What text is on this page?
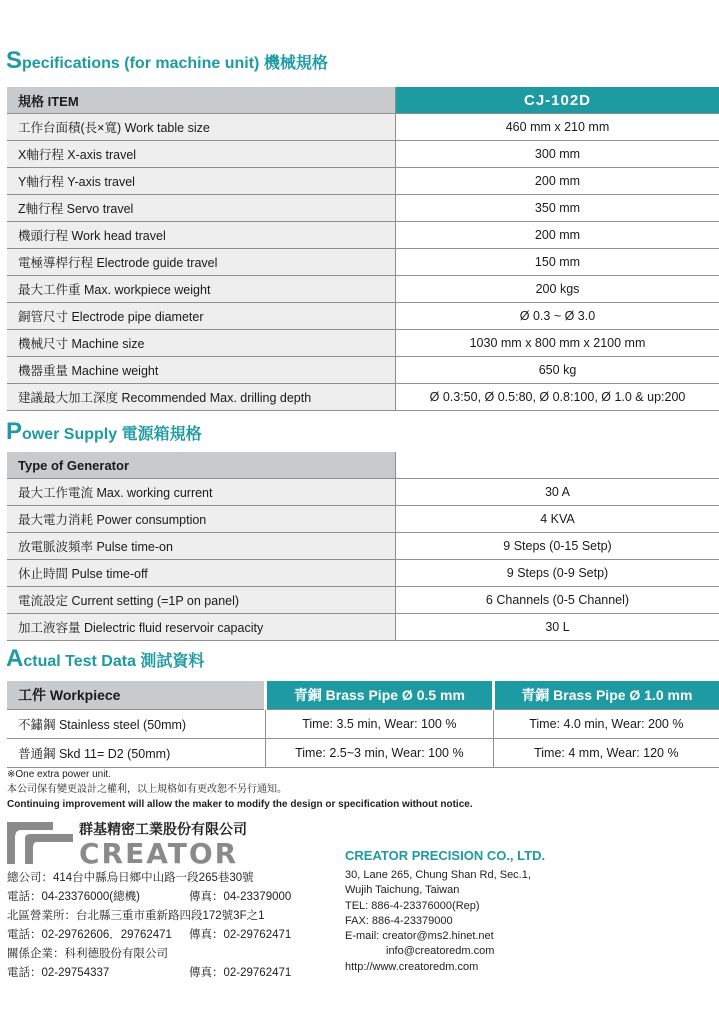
Specifications (for machine unit) 機械規格
規格 ITEM	CJ-102D
工作台面積(長×寬) Work table size	460 mm x 210 mm
X軸行程 X-axis travel	300 mm
Y軸行程 Y-axis travel	200 mm
Z軸行程 Servo travel	350 mm
機頭行程 Work head travel	200 mm
電極導桿行程 Electrode guide travel	150 mm
最大工件重 Max. workpiece weight	200 kgs
銅管尺寸 Electrode pipe diameter	Ø 0.3 ~ Ø 3.0
機械尺寸 Machine size	1030 mm x 800 mm x 2100 mm
機器重量 Machine weight	650 kg
建議最大加工深度 Recommended Max. drilling depth	Ø 0.3:50, Ø 0.5:80, Ø 0.8:100, Ø 1.0 & up:200
Power Supply 電源箱規格
Type of Generator	
最大工作電流 Max. working current	30 A
最大電力消耗 Power consumption	4 KVA
放電脈波頻率 Pulse time-on	9 Steps (0-15 Setp)
休止時間 Pulse time-off	9 Steps (0-9 Setp)
電流設定 Current setting (=1P on panel)	6 Channels (0-5 Channel)
加工液容量 Dielectric fluid reservoir capacity	30 L
Actual Test Data 測試資料
工件 Workpiece	青銅 Brass Pipe Ø 0.5 mm	青銅 Brass Pipe Ø 1.0 mm
不鏽鋼 Stainless steel (50mm)	Time: 3.5 min, Wear: 100 %	Time: 4.0 min, Wear: 200 %
普通鋼 Skd 11= D2 (50mm)	Time: 2.5~3 min, Wear: 100 %	Time: 4 mm, Wear: 120 %
※One extra power unit.
本公司保有變更設計之權利，以上規格如有更改恕不另行通知。
Continuing improvement will allow the maker to modify the design or specification without notice.
群基精密工業股份有限公司
CREATOR
總公司：414台中縣烏日鄉中山路一段265巷30號
電話：04-23376000(總機)	傳真：04-23379000
北區營業所：台北縣三重市重新路四段172號3F之1
電話：02-29762606．29762471 傳真：02-29762471
關係企業：科利德股份有限公司
電話：02-29754337	傳真：02-29762471
CREATOR PRECISION CO., LTD.
30, Lane 265, Chung Shan Rd, Sec.1,
Wujih Taichung, Taiwan
TEL: 886-4-23376000(Rep)
FAX: 886-4-23379000
E-mail: creator@ms2.hinet.net
info@creatoredm.com
http://www.creatoredm.com
